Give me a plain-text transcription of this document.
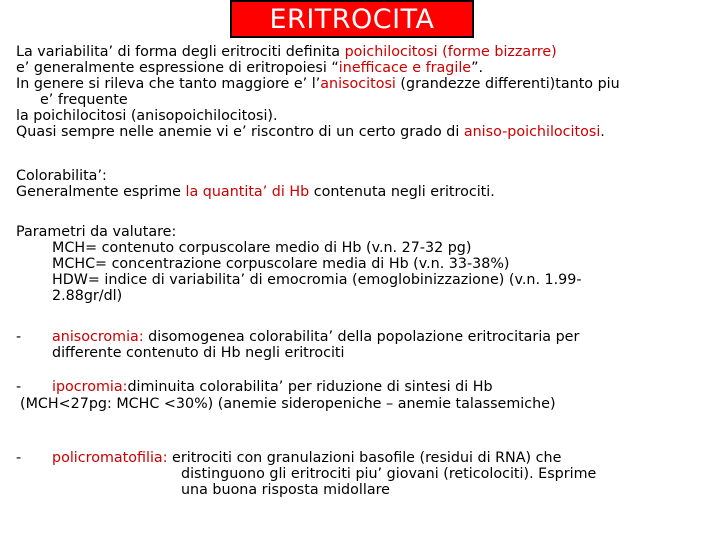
ERITROCITA
La variabilita’ di forma degli eritrociti definita poichilocitosi (forme bizzarre)
e’ generalmente espressione di eritropoiesi “inefficace e fragile”.
In genere si rileva che tanto maggiore e’ l’anisocitosi (grandezze differenti)tanto piu
e’ frequente
la poichilocitosi (anisopoichilocitosi).
Quasi sempre nelle anemie vi e’ riscontro di un certo grado di aniso-poichilocitosi.
Colorabilita’:
Generalmente esprime la quantita’ di Hb contenuta negli eritrociti.
Parametri da valutare:
MCH= contenuto corpuscolare medio di Hb (v.n. 27-32 pg)
MCHC= concentrazione corpuscolare media di Hb (v.n. 33-38%)
HDW= indice di variabilita’ di emocromia (emoglobinizzazione) (v.n. 1.99-
2.88gr/dl)
- anisocromia: disomogenea colorabilita’ della popolazione eritrocitaria per
differente contenuto di Hb negli eritrociti
- ipocromia:diminuita colorabilita’ per riduzione di sintesi di Hb
(MCH<27pg: MCHC <30%) (anemie sideropeniche – anemie talassemiche)
- policromatofilia: eritrociti con granulazioni basofile (residui di RNA) che
distinguono gli eritrociti piu’ giovani (reticolociti). Esprime
una buona risposta midollare
